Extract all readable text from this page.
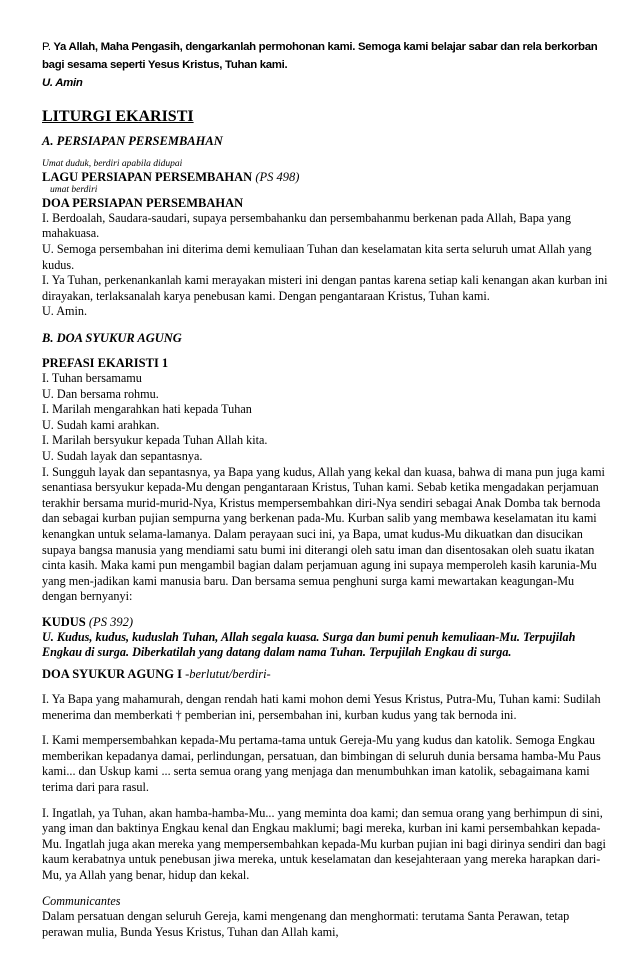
P. Ya Allah, Maha Pengasih, dengarkanlah permohonan kami. Semoga kami belajar sabar dan rela berkorban bagi sesama seperti Yesus Kristus, Tuhan kami.
U. Amin
LITURGI EKARISTI
A. PERSIAPAN PERSEMBAHAN
Umat duduk, berdiri apabila didupai
LAGU PERSIAPAN PERSEMBAHAN (PS 498)
umat berdiri
DOA PERSIAPAN PERSEMBAHAN
I. Berdoalah, Saudara-saudari, supaya persembahanku dan persembahanmu berkenan pada Allah, Bapa yang mahakuasa.
U. Semoga persembahan ini diterima demi kemuliaan Tuhan dan keselamatan kita serta seluruh umat Allah yang kudus.
I. Ya Tuhan, perkenankanlah kami merayakan misteri ini dengan pantas karena setiap kali kenangan akan kurban ini dirayakan, terlaksanalah karya penebusan kami. Dengan pengantaraan Kristus, Tuhan kami.
U. Amin.
B. DOA SYUKUR AGUNG
PREFASI EKARISTI 1
I. Tuhan bersamamu
U. Dan bersama rohmu.
I. Marilah mengarahkan hati kepada Tuhan
U. Sudah kami arahkan.
I. Marilah bersyukur kepada Tuhan Allah kita.
U. Sudah layak dan sepantasnya.
I. Sungguh layak dan sepantasnya, ya Bapa yang kudus, Allah yang kekal dan kuasa, bahwa di mana pun juga kami senantiasa bersyukur kepada-Mu dengan pengantaraan Kristus, Tuhan kami. Sebab ketika mengadakan perjamuan terakhir bersama murid-murid-Nya, Kristus mempersembahkan diri-Nya sendiri sebagai Anak Domba tak bernoda dan sebagai kurban pujian sempurna yang berkenan pada-Mu. Kurban salib yang membawa keselamatan itu kami kenangkan untuk selama-lamanya. Dalam perayaan suci ini, ya Bapa, umat kudus-Mu dikuatkan dan disucikan supaya bangsa manusia yang mendiami satu bumi ini diterangi oleh satu iman dan disentosakan oleh suatu ikatan cinta kasih. Maka kami pun mengambil bagian dalam perjamuan agung ini supaya memperoleh kasih karunia-Mu yang men-jadikan kami manusia baru. Dan bersama semua penghuni surga kami mewartakan keagungan-Mu dengan bernyanyi:
KUDUS (PS 392)
U. Kudus, kudus, kuduslah Tuhan, Allah segala kuasa. Surga dan bumi penuh kemuliaan-Mu. Terpujilah Engkau di surga. Diberkatilah yang datang dalam nama Tuhan. Terpujilah Engkau di surga.
DOA SYUKUR AGUNG I -berlutut/berdiri-
I. Ya Bapa yang mahamurah, dengan rendah hati kami mohon demi Yesus Kristus, Putra-Mu, Tuhan kami: Sudilah menerima dan memberkati † pemberian ini, persembahan ini, kurban kudus yang tak bernoda ini.
I. Kami mempersembahkan kepada-Mu pertama-tama untuk Gereja-Mu yang kudus dan katolik. Semoga Engkau memberikan kepadanya damai, perlindungan, persatuan, dan bimbingan di seluruh dunia bersama hamba-Mu Paus kami... dan Uskup kami ... serta semua orang yang menjaga dan menumbuhkan iman katolik, sebagaimana kami terima dari para rasul.
I. Ingatlah, ya Tuhan, akan hamba-hamba-Mu... yang meminta doa kami; dan semua orang yang berhimpun di sini, yang iman dan baktinya Engkau kenal dan Engkau maklumi; bagi mereka, kurban ini kami persembahkan kepada-Mu. Ingatlah juga akan mereka yang mempersembahkan kepada-Mu kurban pujian ini bagi dirinya sendiri dan bagi kaum kerabatnya untuk penebusan jiwa mereka, untuk keselamatan dan kesejahteraan yang mereka harapkan dari-Mu, ya Allah yang benar, hidup dan kekal.
Communicantes
Dalam persatuan dengan seluruh Gereja, kami mengenang dan menghormati: terutama Santa Perawan, tetap perawan mulia, Bunda Yesus Kristus, Tuhan dan Allah kami,
